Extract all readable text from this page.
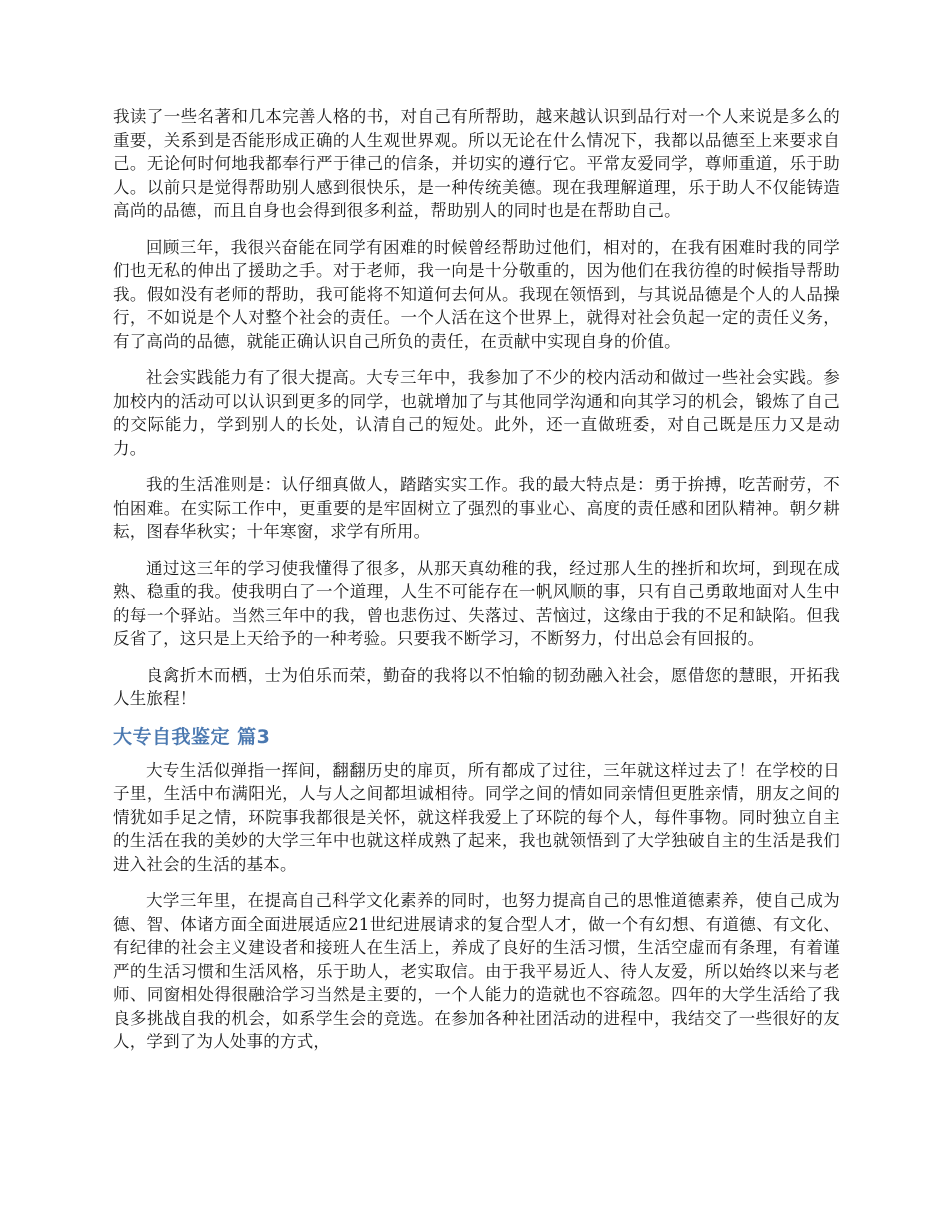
我读了一些名著和几本完善人格的书，对自己有所帮助，越来越认识到品行对一个人来说是多么的重要，关系到是否能形成正确的人生观世界观。所以无论在什么情况下，我都以品德至上来要求自己。无论何时何地我都奉行严于律己的信条，并切实的遵行它。平常友爱同学，尊师重道，乐于助人。以前只是觉得帮助别人感到很快乐，是一种传统美德。现在我理解道理，乐于助人不仅能铸造高尚的品德，而且自身也会得到很多利益，帮助别人的同时也是在帮助自己。

回顾三年，我很兴奋能在同学有困难的时候曾经帮助过他们，相对的，在我有困难时我的同学们也无私的伸出了援助之手。对于老师，我一向是十分敬重的，因为他们在我彷徨的时候指导帮助我。假如没有老师的帮助，我可能将不知道何去何从。我现在领悟到，与其说品德是个人的人品操行，不如说是个人对整个社会的责任。一个人活在这个世界上，就得对社会负起一定的责任义务，有了高尚的品德，就能正确认识自己所负的责任，在贡献中实现自身的价值。

社会实践能力有了很大提高。大专三年中，我参加了不少的校内活动和做过一些社会实践。参加校内的活动可以认识到更多的同学，也就增加了与其他同学沟通和向其学习的机会，锻炼了自己的交际能力，学到别人的长处，认清自己的短处。此外，还一直做班委，对自己既是压力又是动力。

我的生活准则是：认仔细真做人，踏踏实实工作。我的最大特点是：勇于拚搏，吃苦耐劳，不怕困难。在实际工作中，更重要的是牢固树立了强烈的事业心、高度的责任感和团队精神。朝夕耕耘，图春华秋实；十年寒窗，求学有所用。

通过这三年的学习使我懂得了很多，从那天真幼稚的我，经过那人生的挫折和坎坷，到现在成熟、稳重的我。使我明白了一个道理，人生不可能存在一帆风顺的事，只有自己勇敢地面对人生中的每一个驿站。当然三年中的我，曾也悲伤过、失落过、苦恼过，这缘由于我的不足和缺陷。但我反省了，这只是上天给予的一种考验。只要我不断学习，不断努力，付出总会有回报的。

良禽折木而栖，士为伯乐而荣，勤奋的我将以不怕输的韧劲融入社会，愿借您的慧眼，开拓我人生旅程！

大专自我鉴定 篇3

大专生活似弹指一挥间，翻翻历史的扉页，所有都成了过往，三年就这样过去了！在学校的日子里，生活中布满阳光，人与人之间都坦诚相待。同学之间的情如同亲情但更胜亲情，朋友之间的情犹如手足之情，环院事我都很是关怀，就这样我爱上了环院的每个人，每件事物。同时独立自主的生活在我的美妙的大学三年中也就这样成熟了起来，我也就领悟到了大学独破自主的生活是我们进入社会的生活的基本。

大学三年里，在提高自己科学文化素养的同时，也努力提高自己的思惟道德素养，使自己成为德、智、体诸方面全面进展适应21世纪进展请求的复合型人才，做一个有幻想、有道德、有文化、有纪律的社会主义建设者和接班人在生活上，养成了良好的生活习惯，生活空虚而有条理，有着谨严的生活习惯和生活风格，乐于助人，老实取信。由于我平易近人、待人友爱，所以始终以来与老师、同窗相处得很融洽学习当然是主要的，一个人能力的造就也不容疏忽。四年的大学生活给了我良多挑战自我的机会，如系学生会的竞选。在参加各种社团活动的进程中，我结交了一些很好的友人，学到了为人处事的方式，
